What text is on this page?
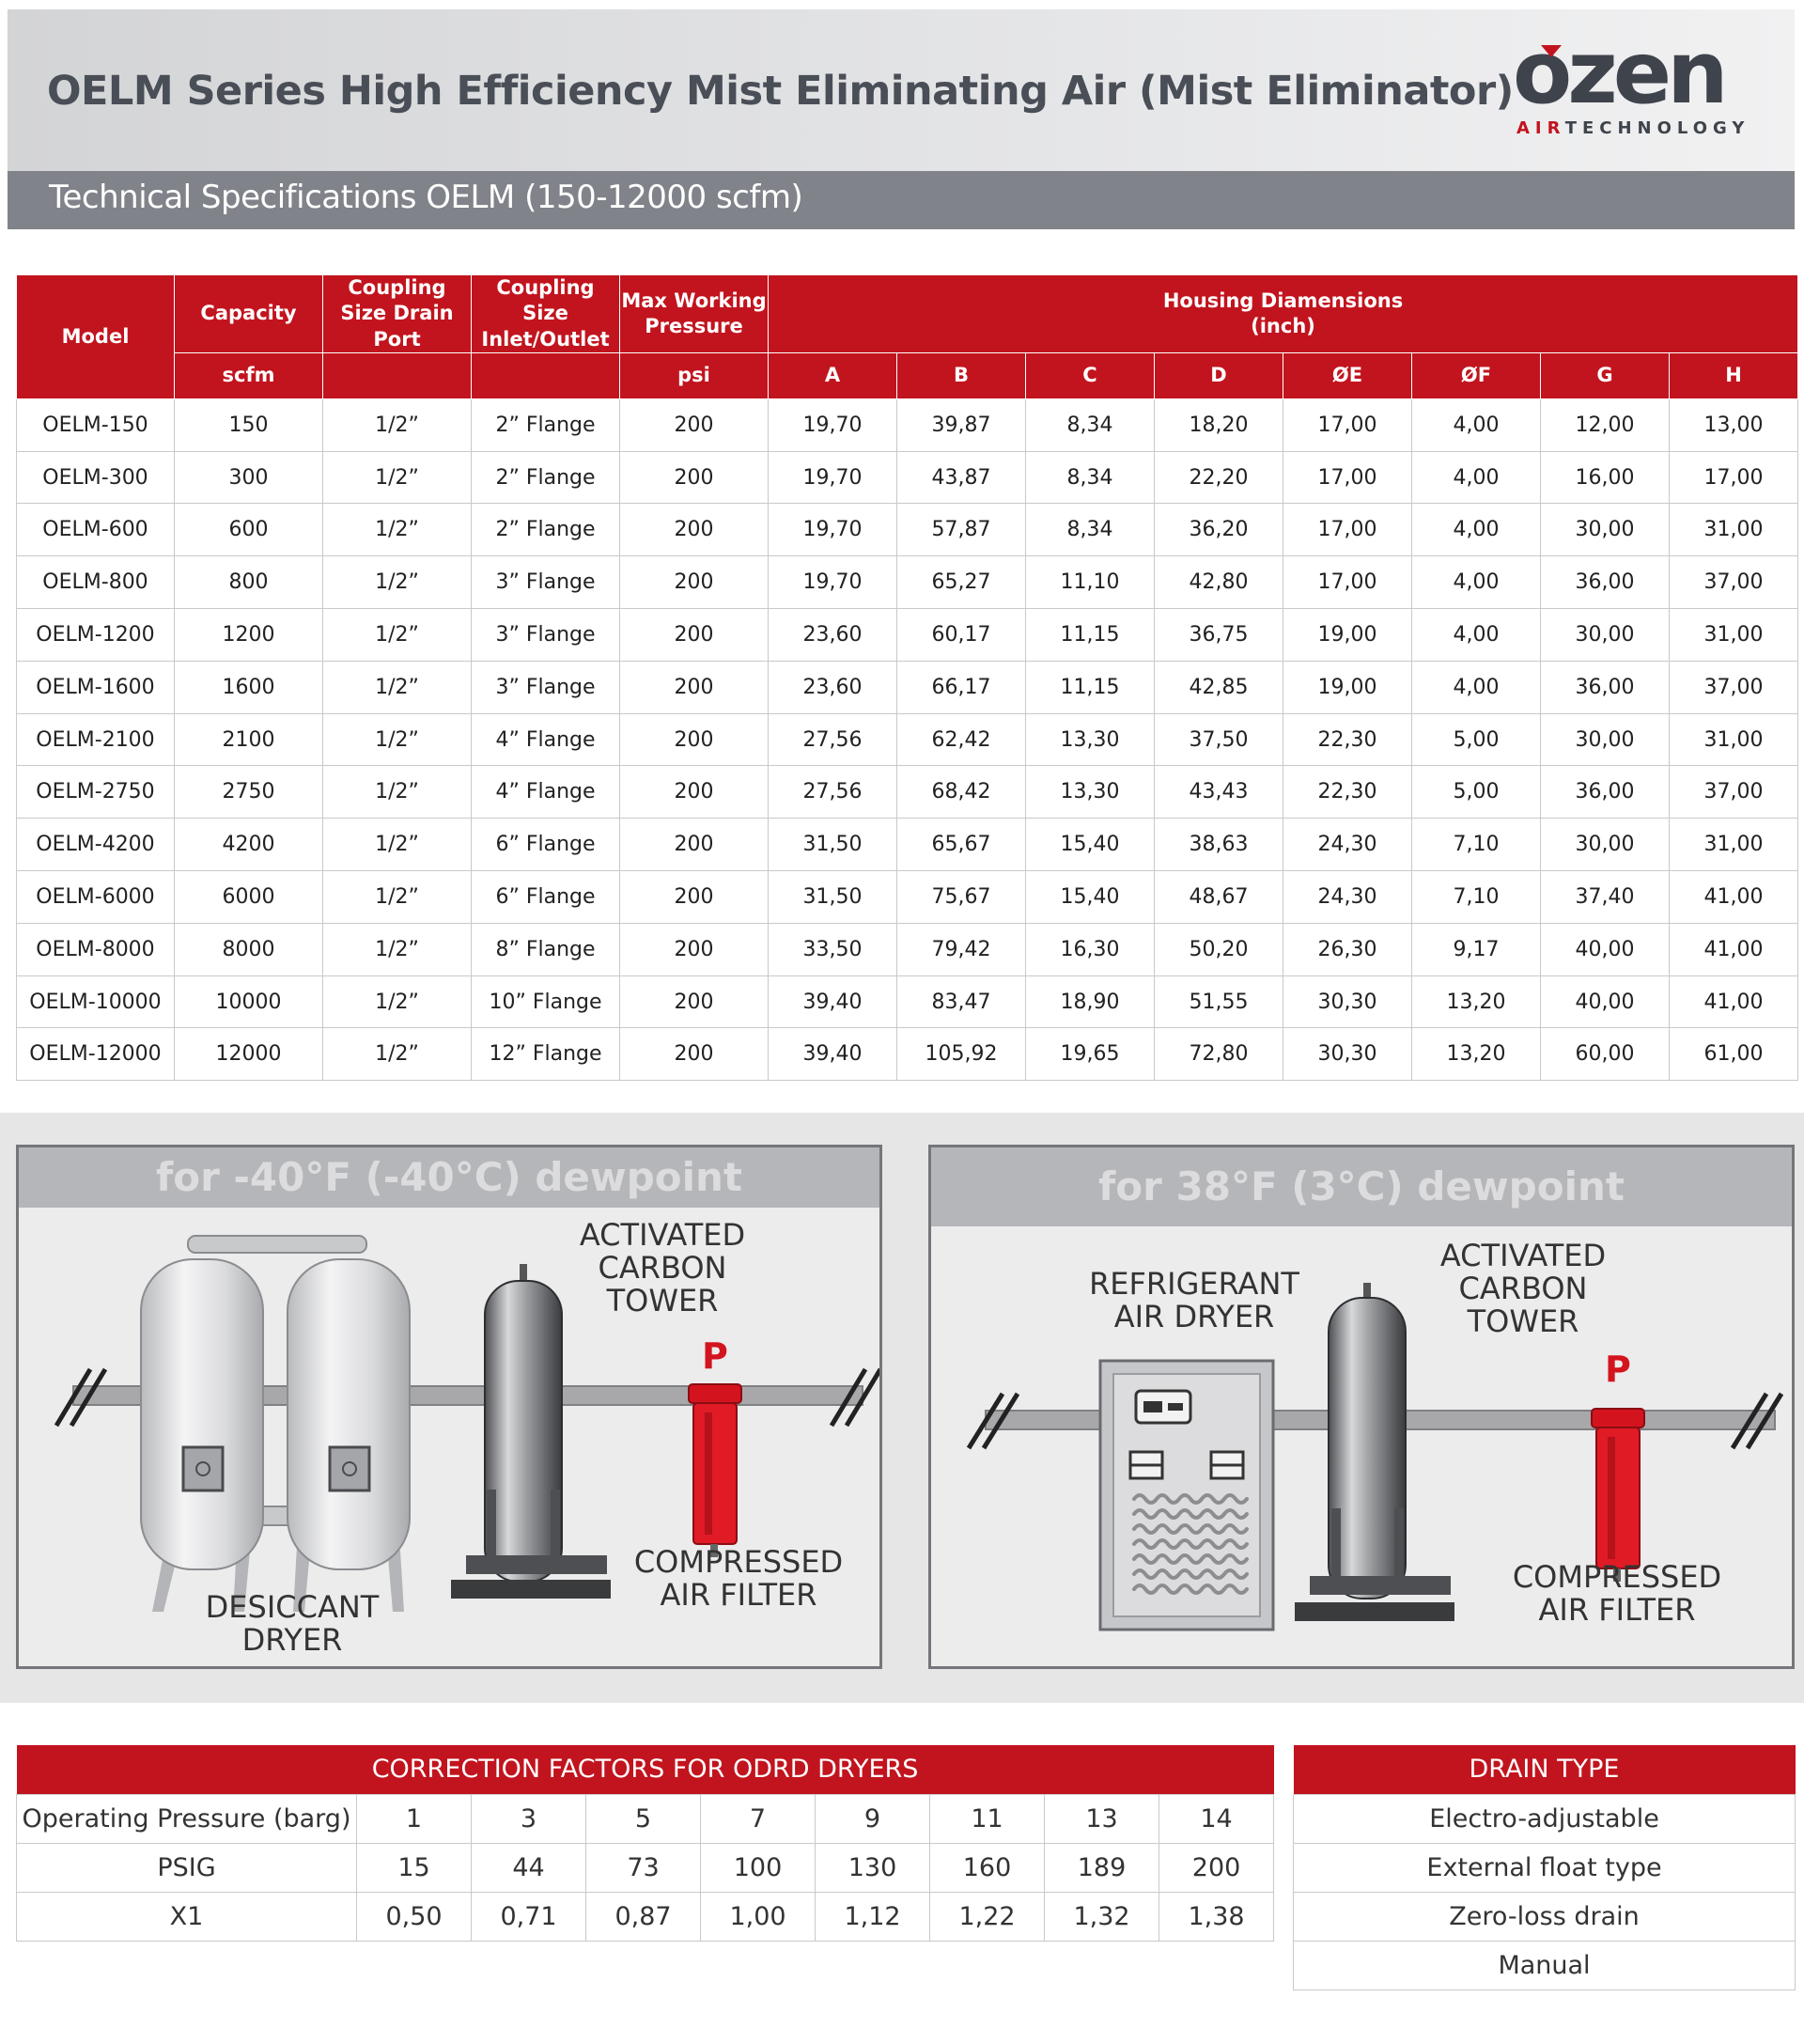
OELM Series High Efficiency Mist Eliminating Air (Mist Eliminator) ozen
AIRTECHNOLOGY
Technical Specifications OELM (150-12000 scfm)
Model	Capacity	Coupling Size Drain Port	Coupling Size Inlet/Outlet	Max Working Pressure	Housing Diamensions
(inch)							
	scfm			psi	A	B	C	D	ØE	ØF	G	H
OELM-150	150	1/2”	2” Flange	200	19,70	39,87	8,34	18,20	17,00	4,00	12,00	13,00
OELM-300	300	1/2”	2” Flange	200	19,70	43,87	8,34	22,20	17,00	4,00	16,00	17,00
OELM-600	600	1/2”	2” Flange	200	19,70	57,87	8,34	36,20	17,00	4,00	30,00	31,00
OELM-800	800	1/2”	3” Flange	200	19,70	65,27	11,10	42,80	17,00	4,00	36,00	37,00
OELM-1200	1200	1/2”	3” Flange	200	23,60	60,17	11,15	36,75	19,00	4,00	30,00	31,00
OELM-1600	1600	1/2”	3” Flange	200	23,60	66,17	11,15	42,85	19,00	4,00	36,00	37,00
OELM-2100	2100	1/2”	4” Flange	200	27,56	62,42	13,30	37,50	22,30	5,00	30,00	31,00
OELM-2750	2750	1/2”	4” Flange	200	27,56	68,42	13,30	43,43	22,30	5,00	36,00	37,00
OELM-4200	4200	1/2”	6” Flange	200	31,50	65,67	15,40	38,63	24,30	7,10	30,00	31,00
OELM-6000	6000	1/2”	6” Flange	200	31,50	75,67	15,40	48,67	24,30	7,10	37,40	41,00
OELM-8000	8000	1/2”	8” Flange	200	33,50	79,42	16,30	50,20	26,30	9,17	40,00	41,00
OELM-10000	10000	1/2”	10” Flange	200	39,40	83,47	18,90	51,55	30,30	13,20	40,00	41,00
OELM-12000	12000	1/2”	12” Flange	200	39,40	105,92	19,65	72,80	30,30	13,20	60,00	61,00
for -40°F (-40°C) dewpoint
P
ACTIVATED
CARBON
TOWER
COMPRESSED
AIR FILTER
DESICCANT
DRYER
for 38°F (3°C) dewpoint
P
REFRIGERANT
AIR DRYER
ACTIVATED
CARBON
TOWER
COMPRESSED
AIR FILTER
CORRECTION FACTORS FOR ODRD DRYERS								
Operating Pressure (barg)	1	3	5	7	9	11	13	14
PSIG	15	44	73	100	130	160	189	200
X1	0,50	0,71	0,87	1,00	1,12	1,22	1,32	1,38
DRAIN TYPE
Electro-adjustable
External float type
Zero-loss drain
Manual
